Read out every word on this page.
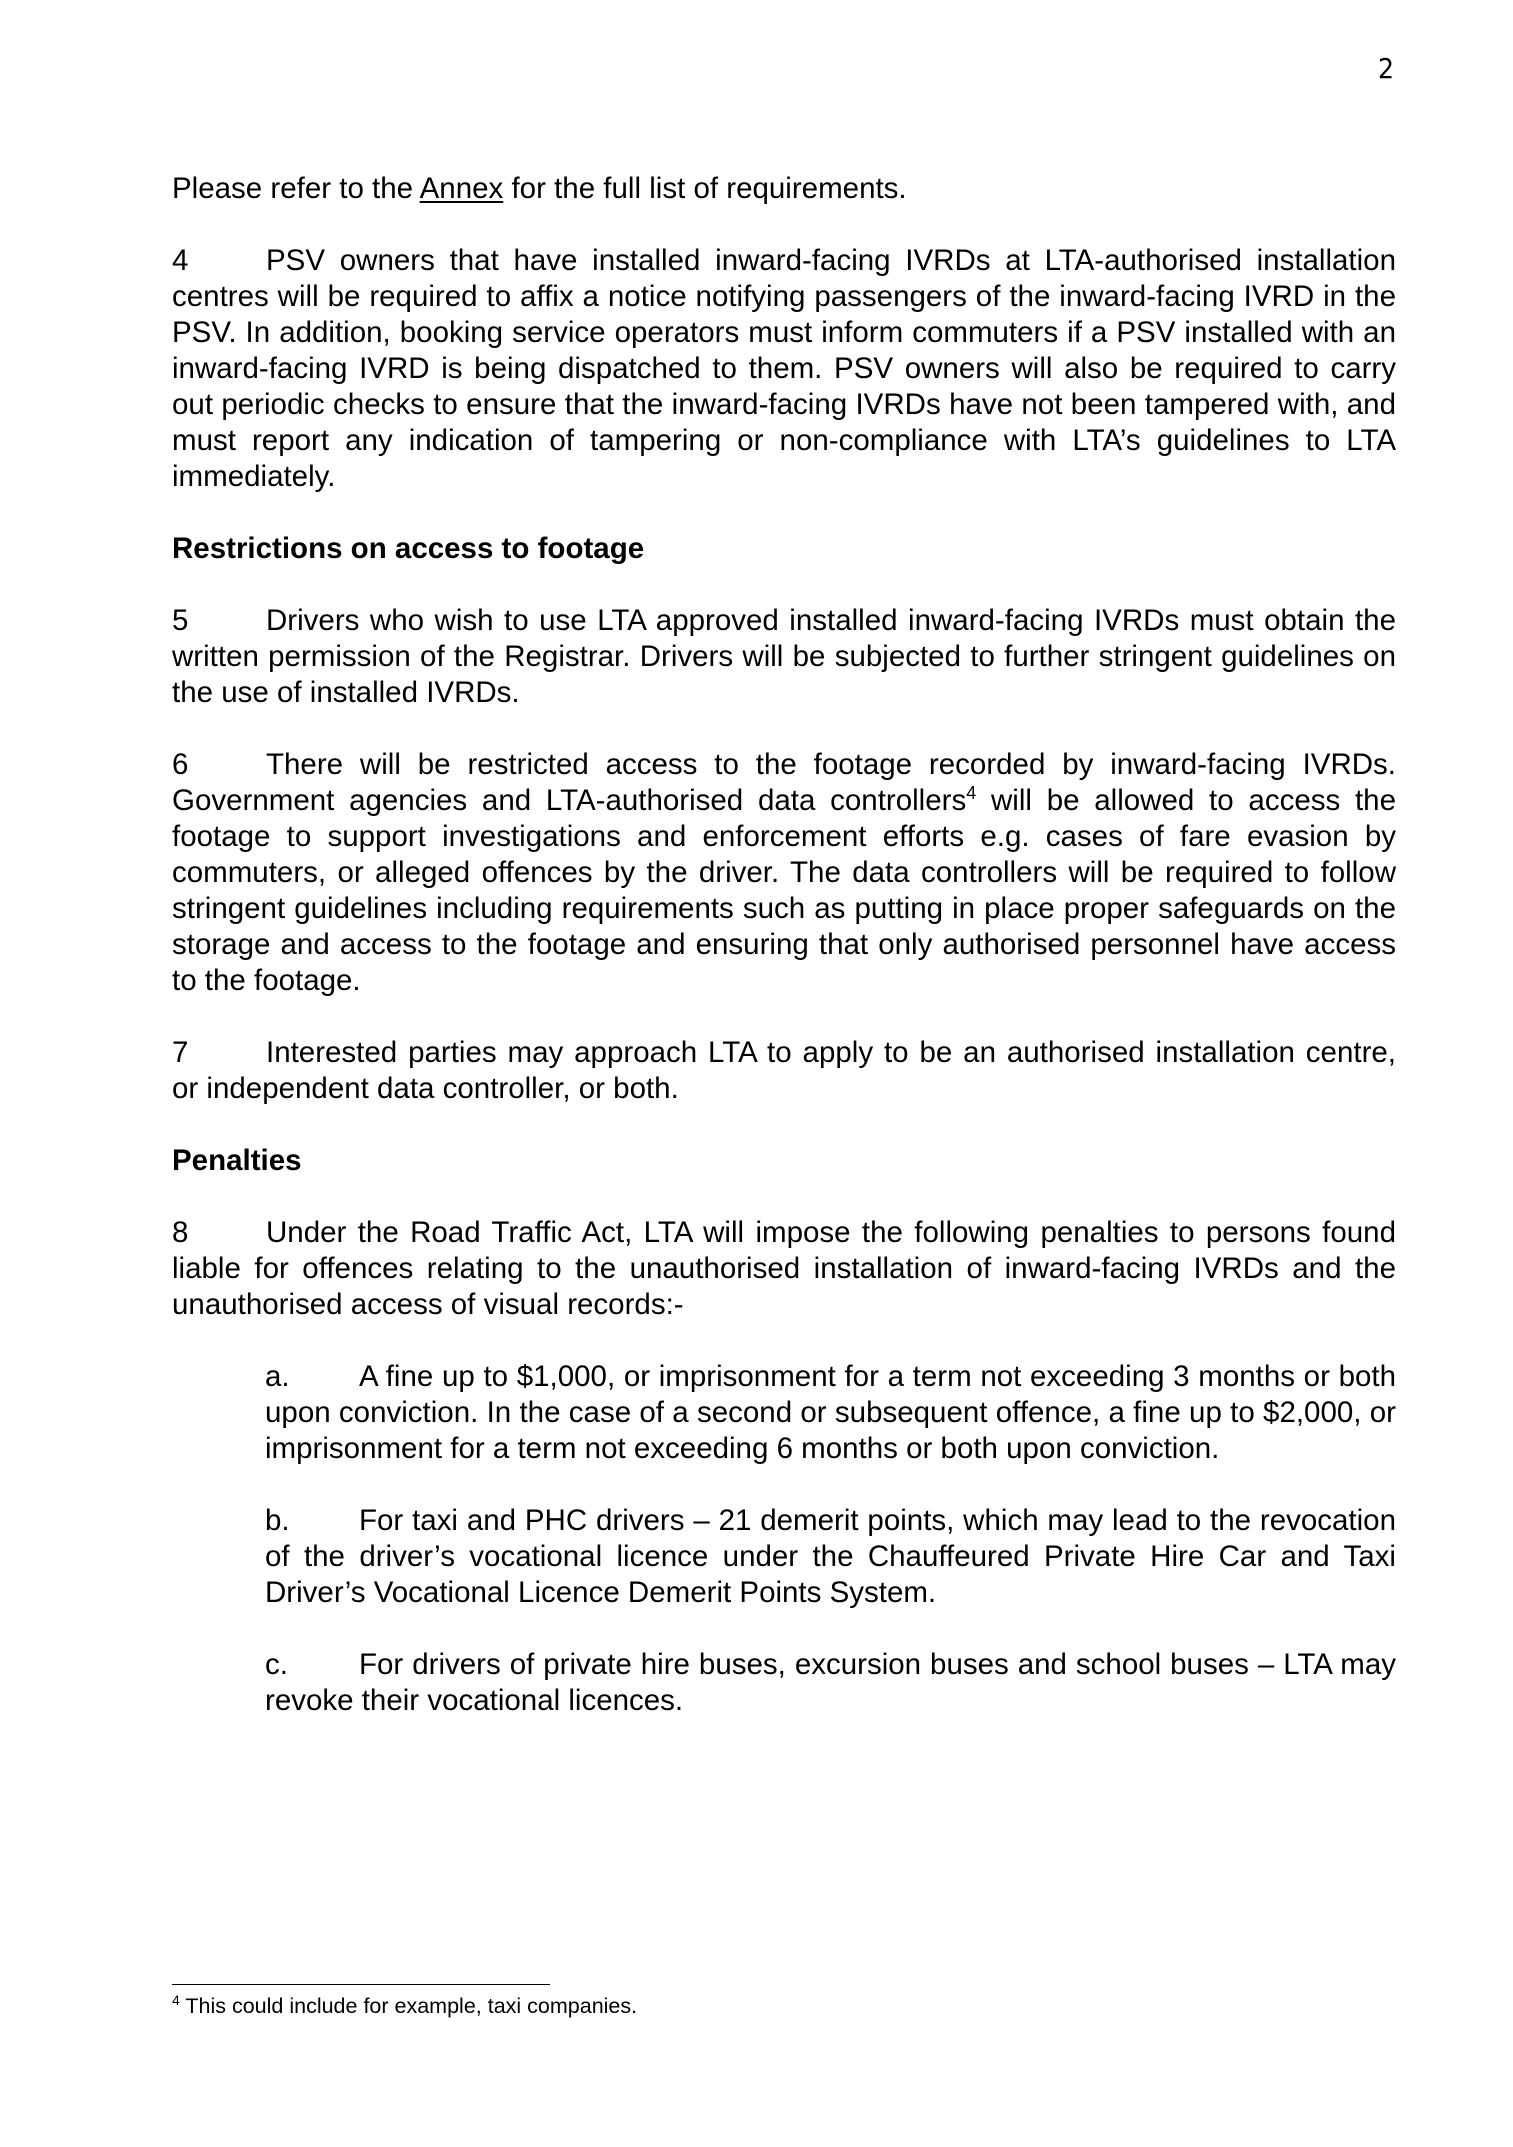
2

Please refer to the Annex for the full list of requirements.

4	PSV owners that have installed inward-facing IVRDs at LTA-authorised installation centres will be required to affix a notice notifying passengers of the inward-facing IVRD in the PSV. In addition, booking service operators must inform commuters if a PSV installed with an inward-facing IVRD is being dispatched to them. PSV owners will also be required to carry out periodic checks to ensure that the inward-facing IVRDs have not been tampered with, and must report any indication of tampering or non-compliance with LTA’s guidelines to LTA immediately.

Restrictions on access to footage

5	Drivers who wish to use LTA approved installed inward-facing IVRDs must obtain the written permission of the Registrar. Drivers will be subjected to further stringent guidelines on the use of installed IVRDs.

6	There will be restricted access to the footage recorded by inward-facing IVRDs. Government agencies and LTA-authorised data controllers$^4$ will be allowed to access the footage to support investigations and enforcement efforts e.g. cases of fare evasion by commuters, or alleged offences by the driver. The data controllers will be required to follow stringent guidelines including requirements such as putting in place proper safeguards on the storage and access to the footage and ensuring that only authorised personnel have access to the footage.

7	Interested parties may approach LTA to apply to be an authorised installation centre, or independent data controller, or both.

Penalties

8	Under the Road Traffic Act, LTA will impose the following penalties to persons found liable for offences relating to the unauthorised installation of inward-facing IVRDs and the unauthorised access of visual records:-

a. A fine up to $1,000, or imprisonment for a term not exceeding 3 months or both upon conviction. In the case of a second or subsequent offence, a fine up to $2,000, or imprisonment for a term not exceeding 6 months or both upon conviction.

b. For taxi and PHC drivers – 21 demerit points, which may lead to the revocation of the driver’s vocational licence under the Chauffeured Private Hire Car and Taxi Driver’s Vocational Licence Demerit Points System.

c. For drivers of private hire buses, excursion buses and school buses – LTA may revoke their vocational licences.

$^4$ This could include for example, taxi companies.
